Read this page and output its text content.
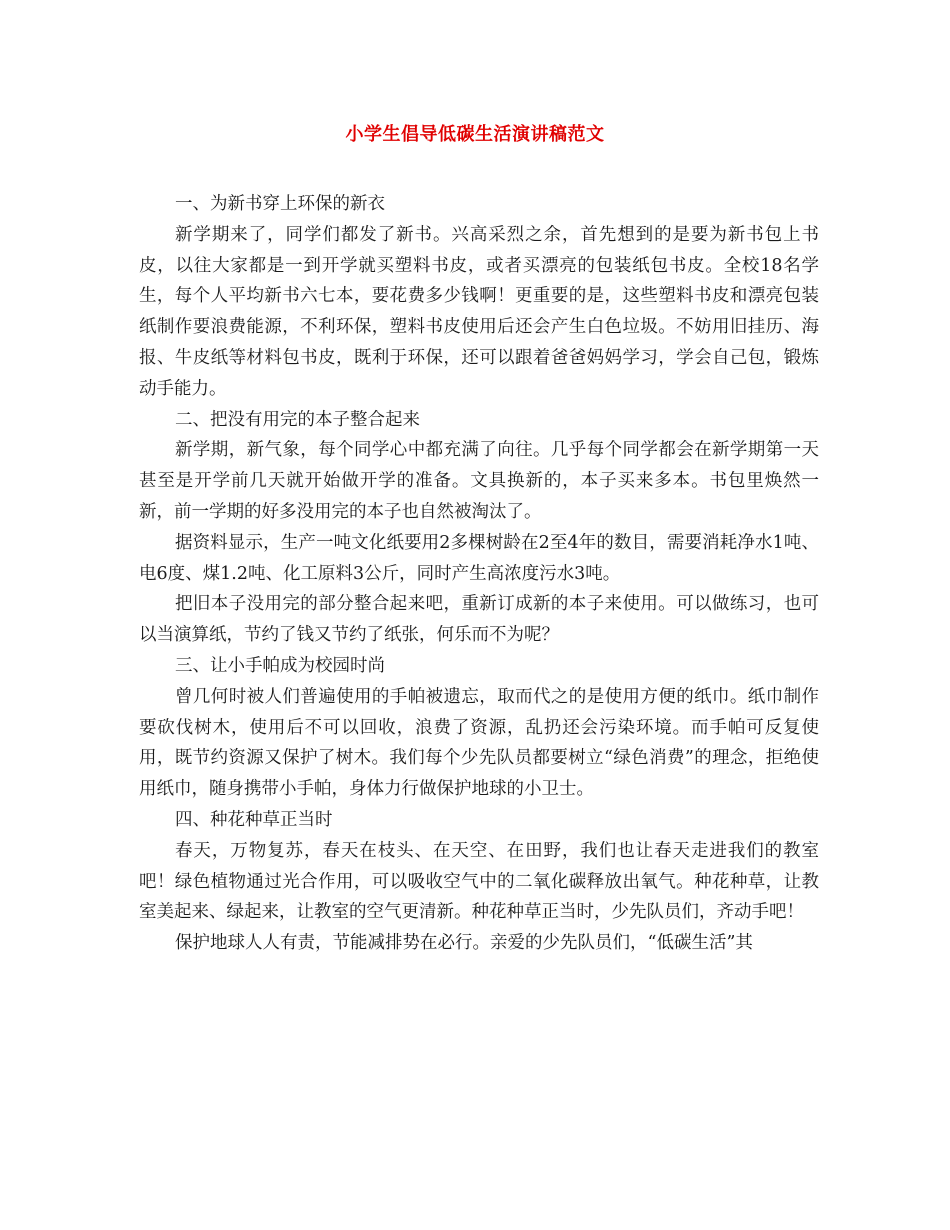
小学生倡导低碳生活演讲稿范文

一、为新书穿上环保的新衣

新学期来了，同学们都发了新书。兴高采烈之余，首先想到的是要为新书包上书皮，以往大家都是一到开学就买塑料书皮，或者买漂亮的包装纸包书皮。全校18名学生，每个人平均新书六七本，要花费多少钱啊！更重要的是，这些塑料书皮和漂亮包装纸制作要浪费能源，不利环保，塑料书皮使用后还会产生白色垃圾。不妨用旧挂历、海报、牛皮纸等材料包书皮，既利于环保，还可以跟着爸爸妈妈学习，学会自己包，锻炼动手能力。

二、把没有用完的本子整合起来

新学期，新气象，每个同学心中都充满了向往。几乎每个同学都会在新学期第一天甚至是开学前几天就开始做开学的准备。文具换新的，本子买来多本。书包里焕然一新，前一学期的好多没用完的本子也自然被淘汰了。

据资料显示，生产一吨文化纸要用2多棵树龄在2至4年的数目，需要消耗净水1吨、电6度、煤1.2吨、化工原料3公斤，同时产生高浓度污水3吨。

把旧本子没用完的部分整合起来吧，重新订成新的本子来使用。可以做练习，也可以当演算纸，节约了钱又节约了纸张，何乐而不为呢？

三、让小手帕成为校园时尚

曾几何时被人们普遍使用的手帕被遗忘，取而代之的是使用方便的纸巾。纸巾制作要砍伐树木，使用后不可以回收，浪费了资源，乱扔还会污染环境。而手帕可反复使用，既节约资源又保护了树木。我们每个少先队员都要树立“绿色消费”的理念，拒绝使用纸巾，随身携带小手帕，身体力行做保护地球的小卫士。

四、种花种草正当时

春天，万物复苏，春天在枝头、在天空、在田野，我们也让春天走进我们的教室吧！绿色植物通过光合作用，可以吸收空气中的二氧化碳释放出氧气。种花种草，让教室美起来、绿起来，让教室的空气更清新。种花种草正当时，少先队员们，齐动手吧！

保护地球人人有责，节能减排势在必行。亲爱的少先队员们，“低碳生活”其
